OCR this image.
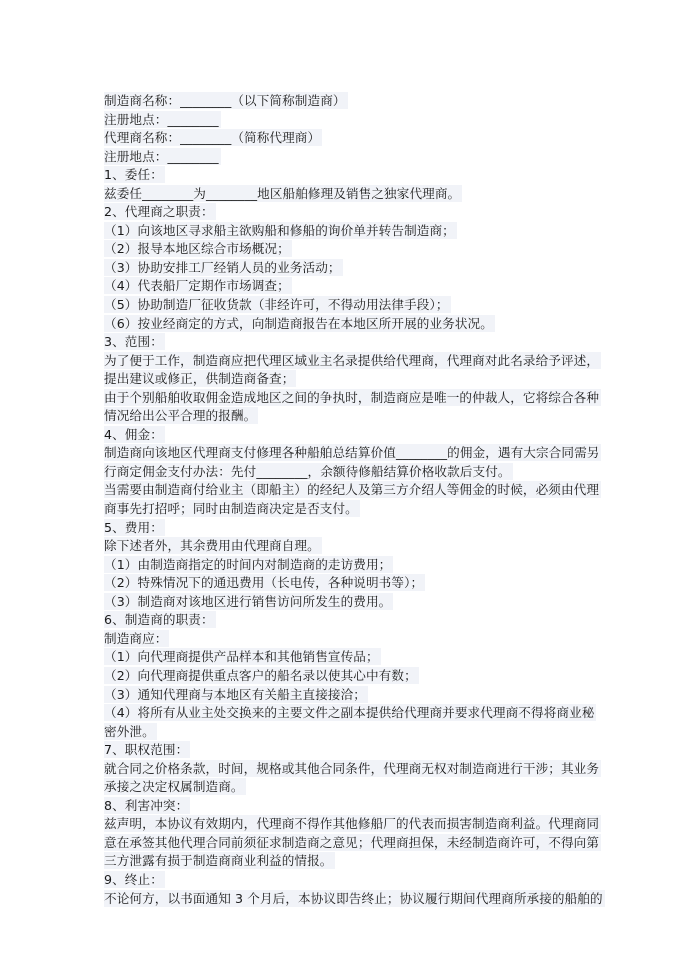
制造商名称：________（以下简称制造商）
注册地点：________
代理商名称：________（简称代理商）
注册地点：________
1、委任：
兹委任________为________地区船舶修理及销售之独家代理商。
2、代理商之职责：
（1）向该地区寻求船主欲购船和修船的询价单并转告制造商；
（2）报导本地区综合市场概况；
（3）协助安排工厂经销人员的业务活动；
（4）代表船厂定期作市场调查；
（5）协助制造厂征收货款（非经许可，不得动用法律手段）；
（6）按业经商定的方式，向制造商报告在本地区所开展的业务状况。
3、范围：
为了便于工作，制造商应把代理区域业主名录提供给代理商，代理商对此名录给予评述，
提出建议或修正，供制造商备查；
由于个别船舶收取佣金造成地区之间的争执时，制造商应是唯一的仲裁人，它将综合各种
情况给出公平合理的报酬。
4、佣金：
制造商向该地区代理商支付修理各种船舶总结算价值________的佣金，遇有大宗合同需另
行商定佣金支付办法：先付________，余额待修船结算价格收款后支付。
当需要由制造商付给业主（即船主）的经纪人及第三方介绍人等佣金的时候，必须由代理
商事先打招呼；同时由制造商决定是否支付。
5、费用：
除下述者外，其余费用由代理商自理。
（1）由制造商指定的时间内对制造商的走访费用；
（2）特殊情况下的通迅费用（长电传，各种说明书等）；
（3）制造商对该地区进行销售访问所发生的费用。
6、制造商的职责：
制造商应：
（1）向代理商提供产品样本和其他销售宣传品；
（2）向代理商提供重点客户的船名录以使其心中有数；
（3）通知代理商与本地区有关船主直接接洽；
（4）将所有从业主处交换来的主要文件之副本提供给代理商并要求代理商不得将商业秘
密外泄。
7、职权范围：
就合同之价格条款，时间，规格或其他合同条件，代理商无权对制造商进行干涉；其业务
承接之决定权属制造商。
8、利害冲突：
兹声明，本协议有效期内，代理商不得作其他修船厂的代表而损害制造商利益。代理商同
意在承签其他代理合同前须征求制造商之意见；代理商担保，未经制造商许可，不得向第
三方泄露有损于制造商商业利益的情报。
9、终止：
不论何方，以书面通知 3 个月后，本协议即告终止；协议履行期间代理商所承接的船舶的
